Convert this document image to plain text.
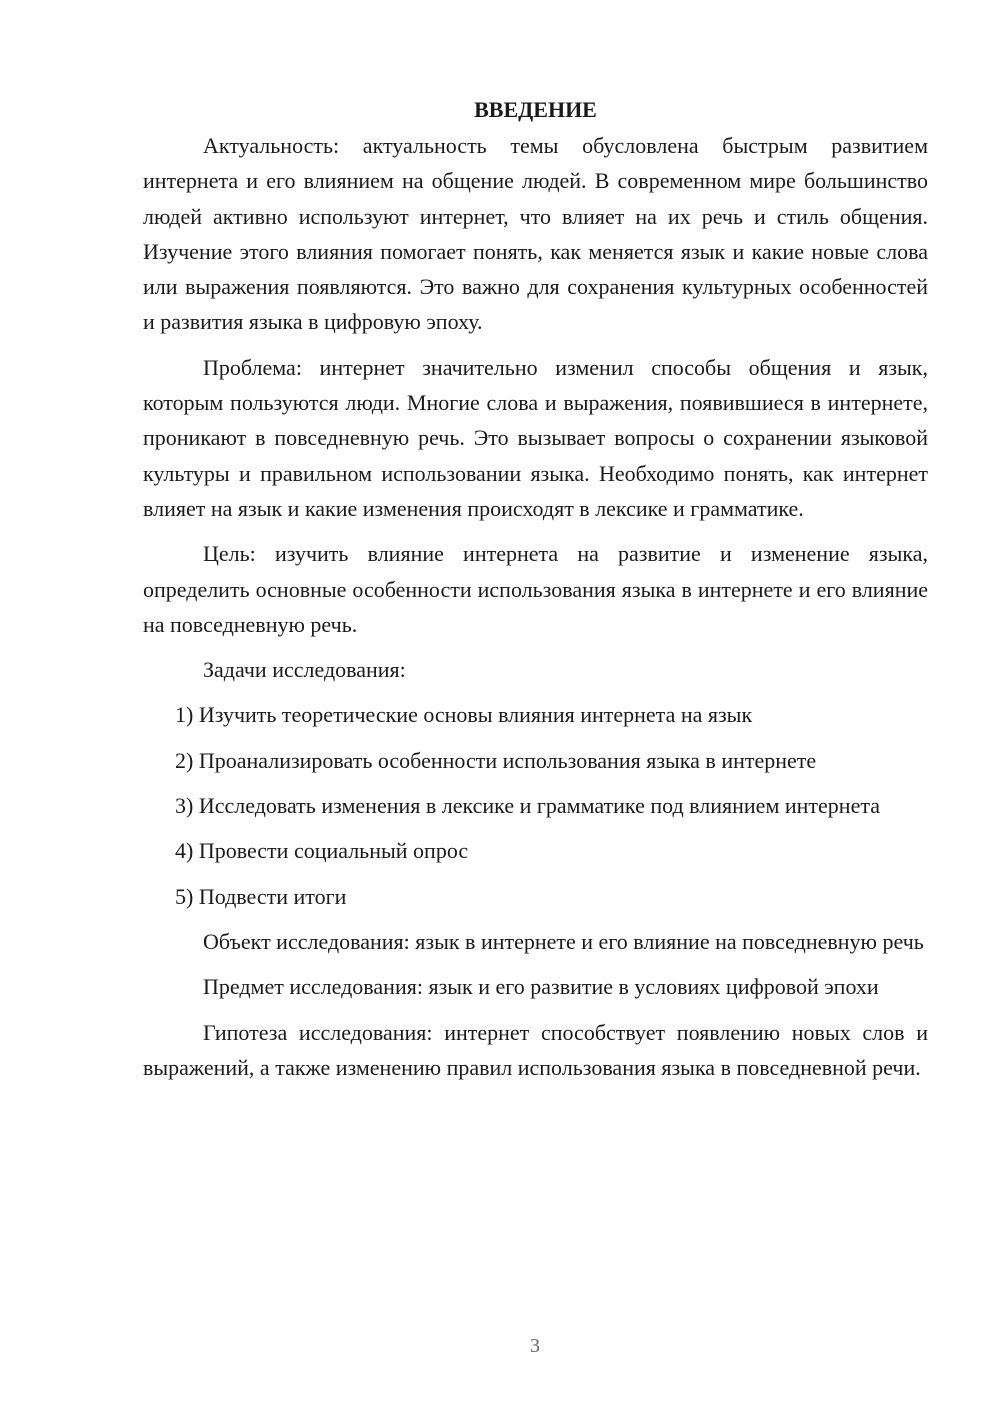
ВВЕДЕНИЕ

Актуальность: актуальность темы обусловлена быстрым развитием интернета и его влиянием на общение людей. В современном мире большинство людей активно используют интернет, что влияет на их речь и стиль общения. Изучение этого влияния помогает понять, как меняется язык и какие новые слова или выражения появляются. Это важно для сохранения культурных особенностей и развития языка в цифровую эпоху.

Проблема: интернет значительно изменил способы общения и язык, которым пользуются люди. Многие слова и выражения, появившиеся в интернете, проникают в повседневную речь. Это вызывает вопросы о сохранении языковой культуры и правильном использовании языка. Необходимо понять, как интернет влияет на язык и какие изменения происходят в лексике и грамматике.

Цель: изучить влияние интернета на развитие и изменение языка, определить основные особенности использования языка в интернете и его влияние на повседневную речь.

Задачи исследования:

1) Изучить теоретические основы влияния интернета на язык

2) Проанализировать особенности использования языка в интернете

3) Исследовать изменения в лексике и грамматике под влиянием интернета

4) Провести социальный опрос

5) Подвести итоги

Объект исследования: язык в интернете и его влияние на повседневную речь

Предмет исследования: язык и его развитие в условиях цифровой эпохи

Гипотеза исследования: интернет способствует появлению новых слов и выражений, а также изменению правил использования языка в повседневной речи.

3
